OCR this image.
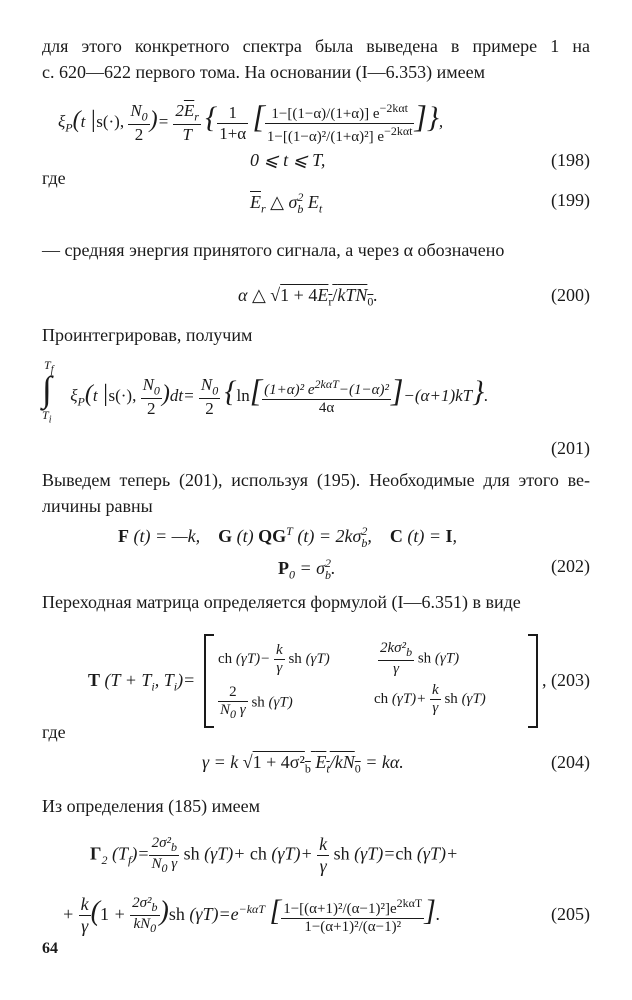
для этого конкретного спектра была выведена в примере 1 на
с. 620—622 первого тома. На основании (I—6.353) имеем
$\xi_P(t$ |s(·), $\frac{N_0}{2}$ )= $\frac{2\overline{E}_r}{T}$ { $\frac{1}{1+\alpha}$ [ $\frac{1-[(1-\alpha)/(1+\alpha)] e^{-2k\alpha t}}{1-[(1-\alpha)^2/(1+\alpha)^2] e^{-2k\alpha t}}$ ]},
0 ⩽ t ⩽ T,	(198)
где
$\overline{E}_r$ △ $\sigma^2_b$ $E_t$	(199)
— средняя энергия принятого сигнала, а через α обозначено
α △ $√1 + 4E_r/kTN_0$.	(200)
Проинтегрировав, получим
$T_f$
∫
$T_i$
$\xi_P(t$ |s(·), $\frac{N_0}{2} )dt= \frac{N_0}{2} \{\ln[ \frac{(1+\alpha)^2 e^{2k\alpha T}-(1-\alpha)^2}{4\alpha} ]-(\alpha+1)kT\}$.
(201)
Выведем теперь (201), используя (195). Необходимые для этого ве-
личины равны
F (t) = —k,    G (t) $QG^T$ $(t) = 2k\sigma^2_b$,    C (t) = I,
$P_0 = \sigma^2_b$.	(202)
Переходная матрица определяется формулой (I—6.351) в виде
T ($T + T_i$, $T_i)=$
ch $(\gamma T)- \frac{k}{\gamma}$ sh (γT)	$\frac{2k\sigma^2_b}{\gamma}$ sh (γT)
$\frac{2}{N_0 \gamma}$ sh (γT)	ch $(\gamma T)+ \frac{k}{\gamma}$ sh (γT)
, (203)
где
γ = k $√1 + 4\sigma^2_b$ $E_t/kN_0 = k\alpha$.	(204)
Из определения (185) имеем
$\Gamma_2$ $(T_f)= \frac{2\sigma^2_b}{N_0 \gamma}$ sh (γT)+ ch $(\gamma T)+ \frac{k}{\gamma}$ sh (γT)=ch (γT)+
+ $\frac{k}{\gamma} (1 + \frac{2\sigma^2_b}{kN_0} )sh$ $(\gamma T)=e^{-k\alpha T}$ [ $\frac{1-[(\alpha+1)^2/(\alpha-1)^2]e^{2k\alpha T}}{\text{1−(α+1)²/(α−1)²}}$ ].	(205)
64
